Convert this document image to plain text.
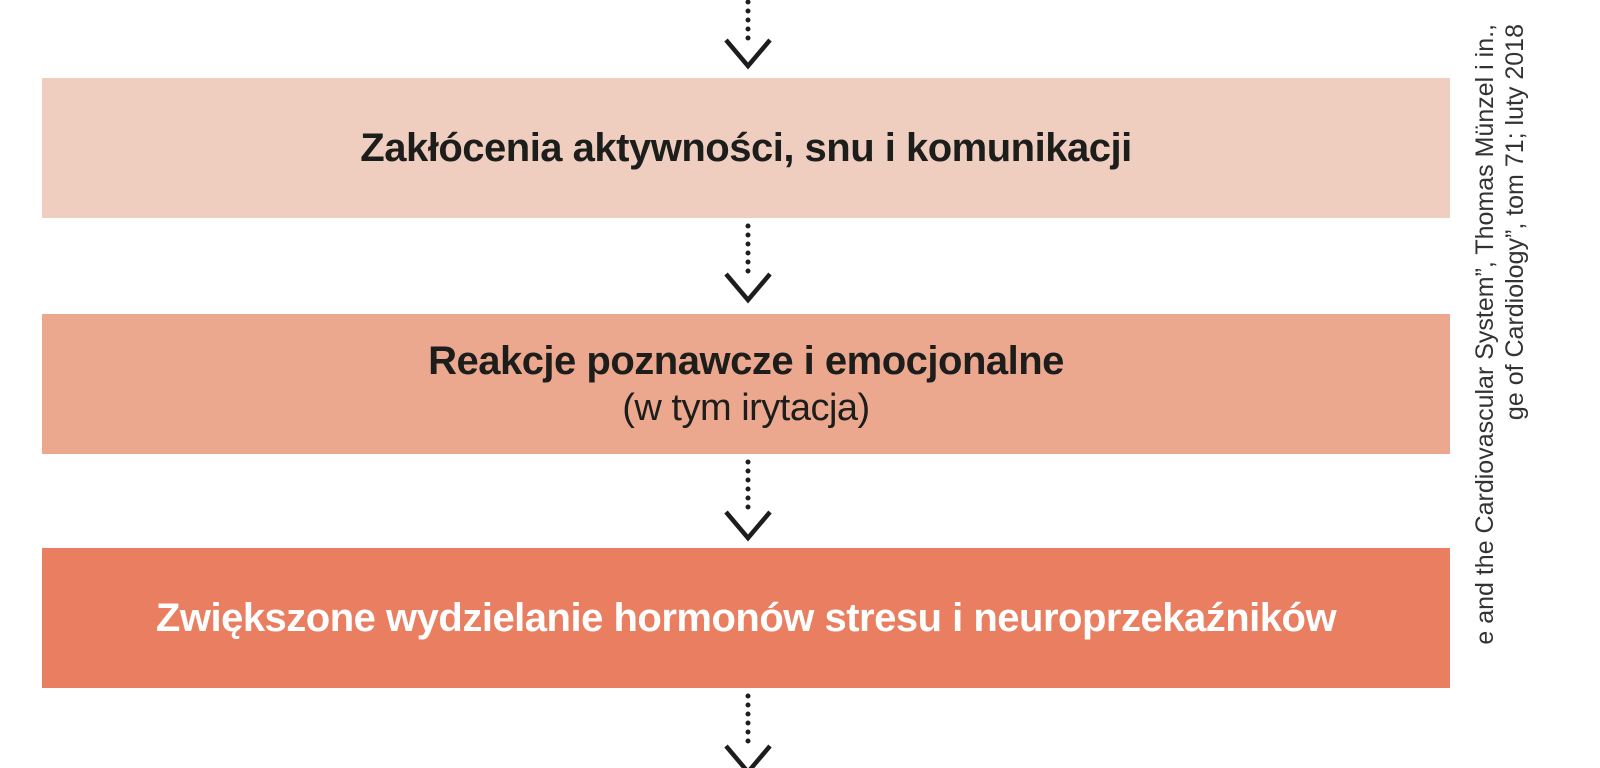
Zakłócenia aktywności, snu i komunikacji
Reakcje poznawcze i emocjonalne
(w tym irytacja)
Zwiększone wydzielanie hormonów stresu i neuroprzekaźników	e and the Cardiovascular System”, Thomas Münzel i in., ge of Cardiology”, tom 71; luty 2018
